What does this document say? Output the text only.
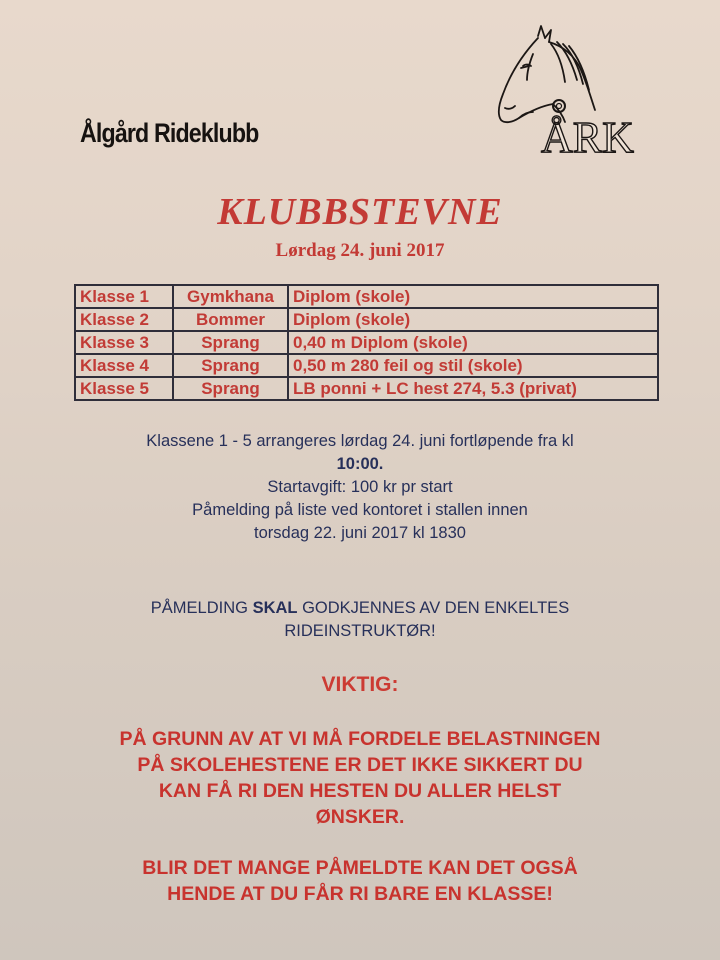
Ålgård Rideklubb	ÅRK
KLUBBSTEVNE
Lørdag 24. juni 2017
Klasse 1	Gymkhana	Diplom (skole)
Klasse 2	Bommer	Diplom (skole)
Klasse 3	Sprang	0,40 m Diplom (skole)
Klasse 4	Sprang	0,50 m 280 feil og stil (skole)
Klasse 5	Sprang	LB ponni + LC hest 274, 5.3 (privat)
Klassene 1 - 5 arrangeres lørdag 24. juni fortløpende fra kl
10:00.
Startavgift: 100 kr pr start
Påmelding på liste ved kontoret i stallen innen
torsdag 22. juni 2017 kl 1830
PÅMELDING SKAL GODKJENNES AV DEN ENKELTES
RIDEINSTRUKTØR!
VIKTIG:
PÅ GRUNN AV AT VI MÅ FORDELE BELASTNINGEN
PÅ SKOLEHESTENE ER DET IKKE SIKKERT DU
KAN FÅ RI DEN HESTEN DU ALLER HELST
ØNSKER.
BLIR DET MANGE PÅMELDTE KAN DET OGSÅ
HENDE AT DU FÅR RI BARE EN KLASSE!
